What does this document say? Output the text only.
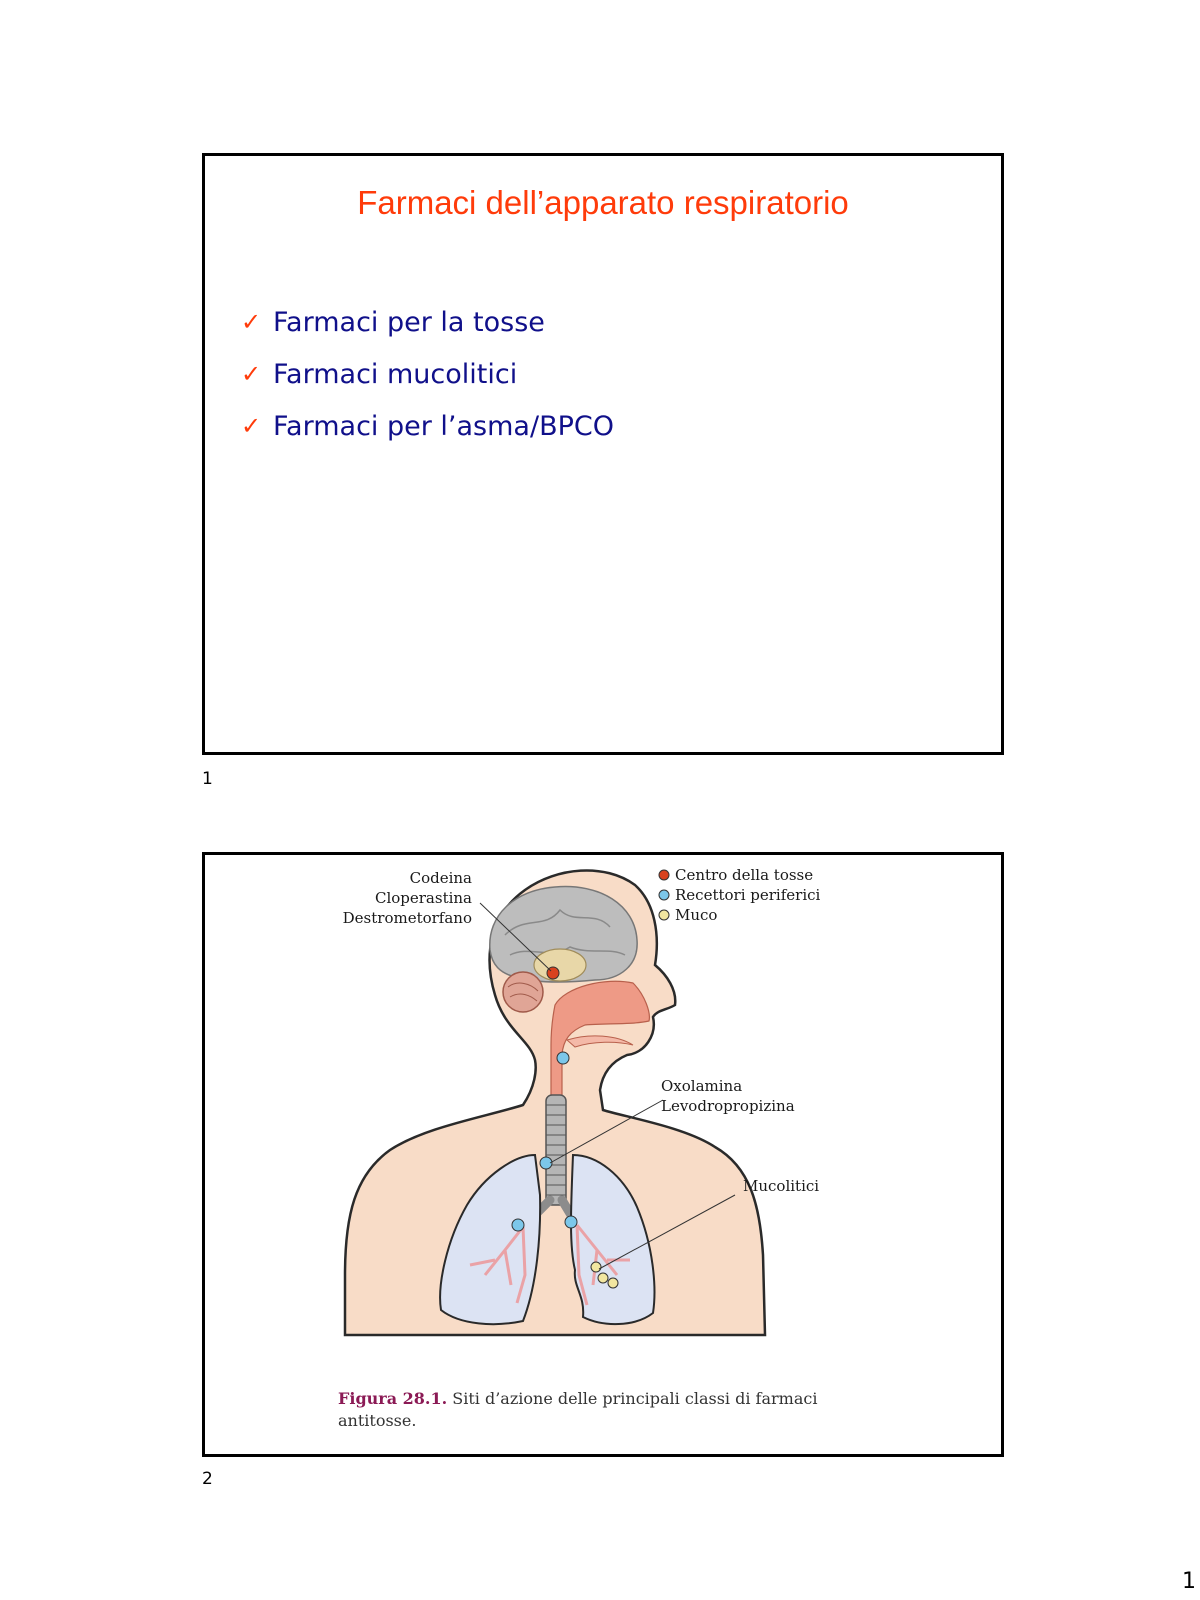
Farmaci dell’apparato respiratorio
✓ Farmaci per la tosse
✓ Farmaci mucolitici
✓ Farmaci per l’asma/BPCO
1
Codeina
Cloperastina
Destrometorfano
Oxolamina
Levodropropizina
Mucolitici
Centro della tosse
Recettori periferici
Muco
Figura 28.1. Siti d’azione delle principali classi di farmaci antitosse.
2
1
